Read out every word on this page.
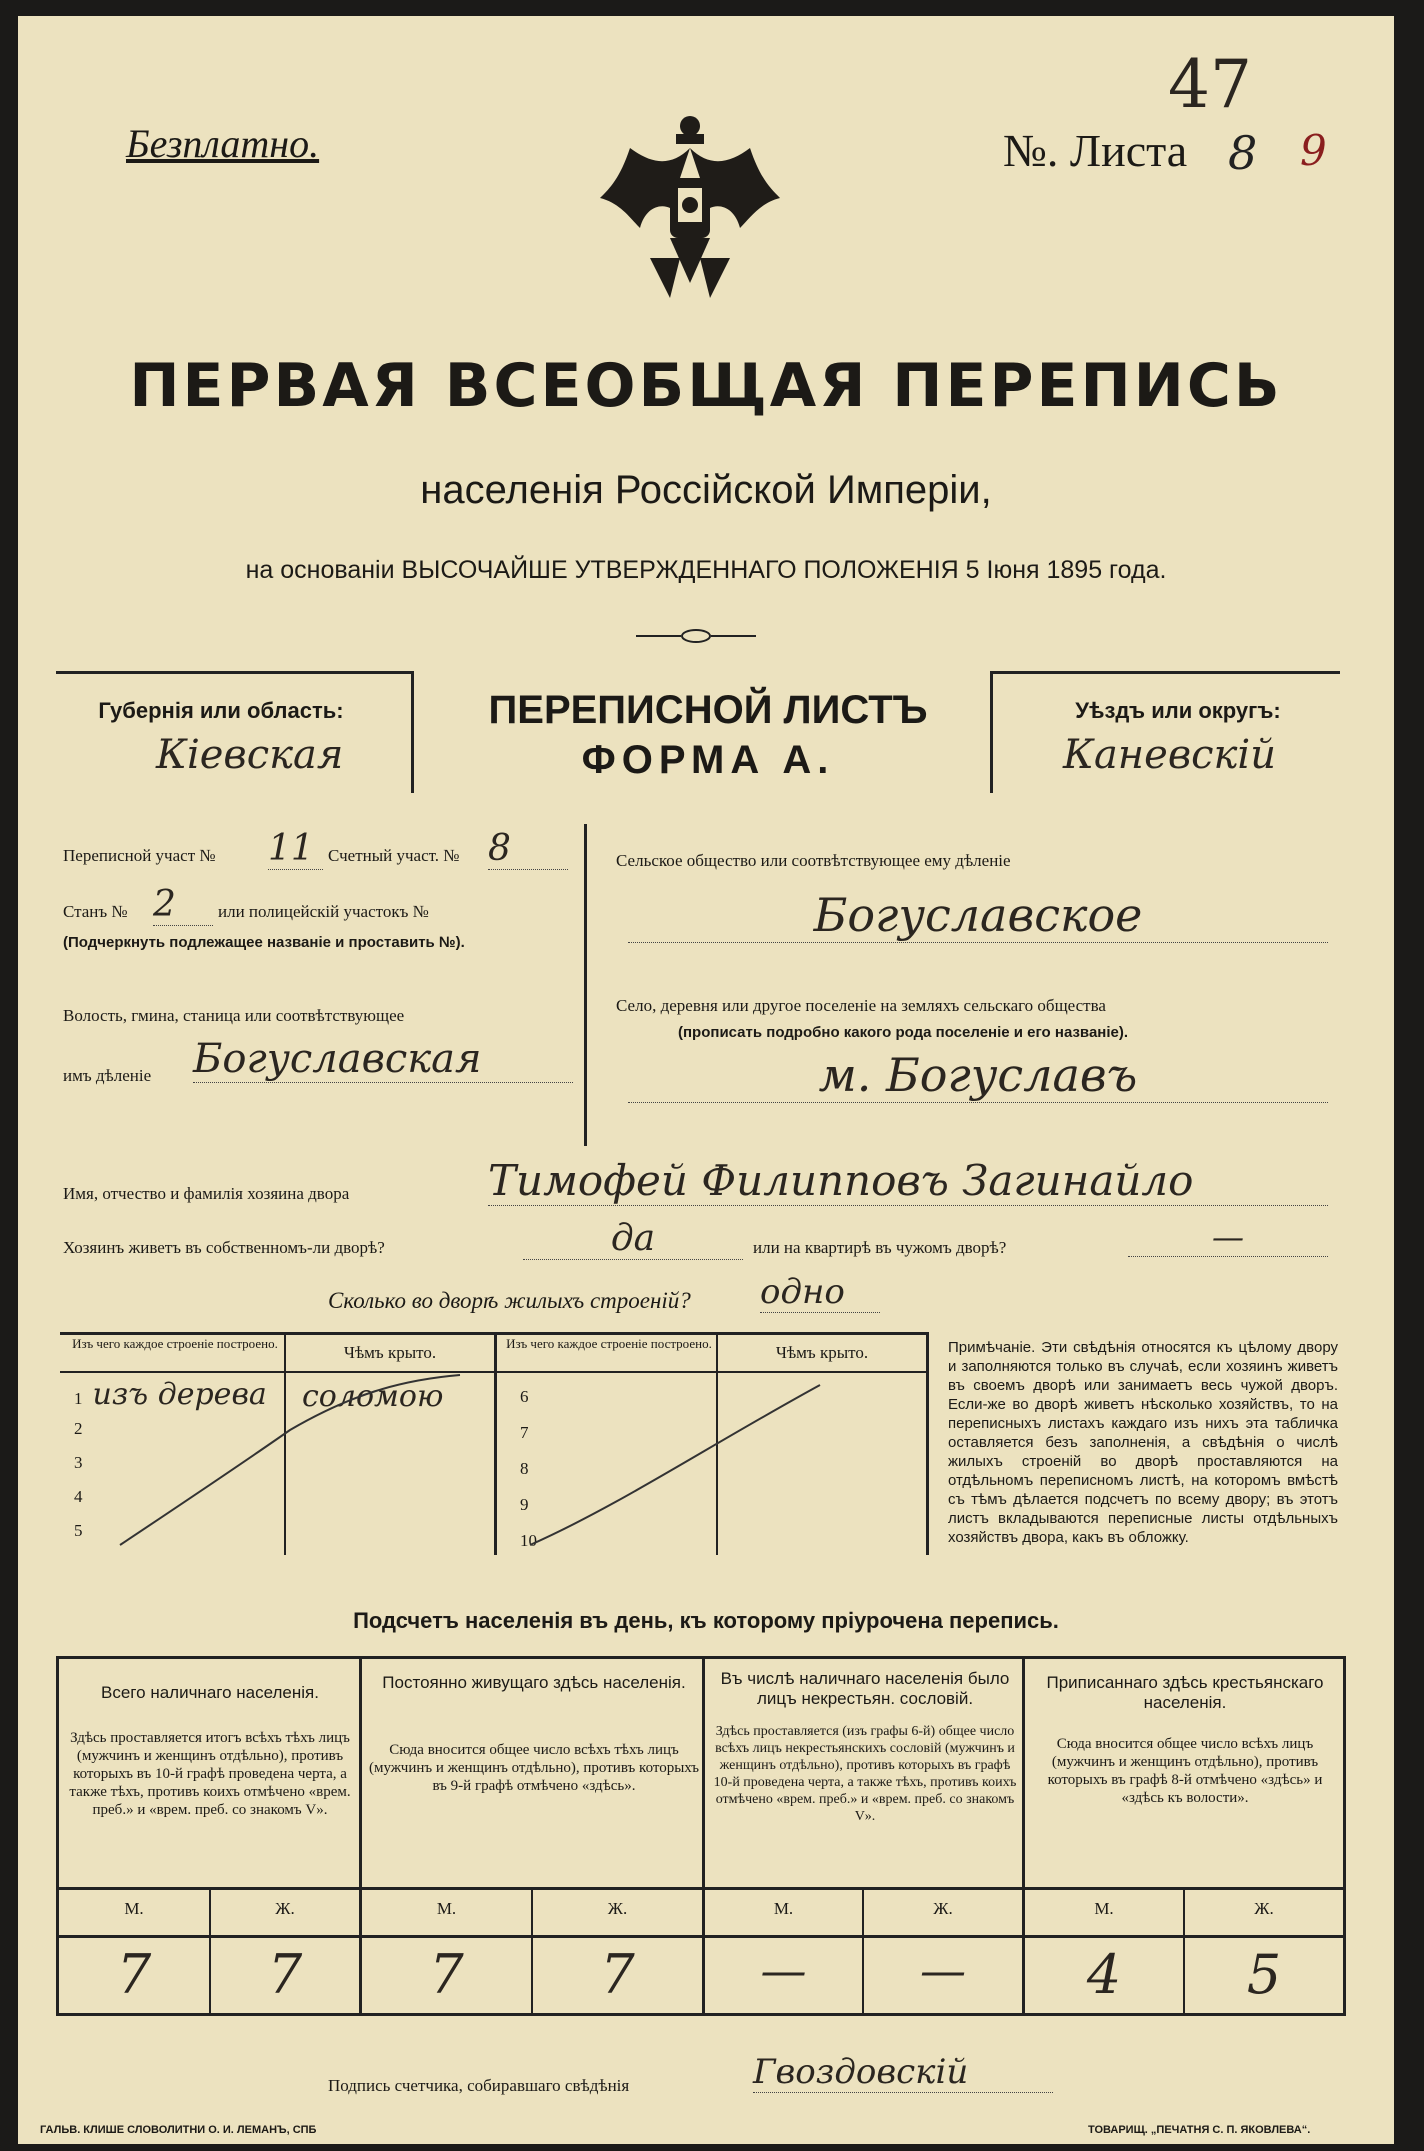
47
Безплатно.	№. Листа 8 9
ПЕРВАЯ ВСЕОБЩАЯ ПЕРЕПИСЬ
населенія Россійской Имперіи,
на основаніи ВЫСОЧАЙШЕ УТВЕРЖДЕННАГО ПОЛОЖЕНІЯ 5 Іюня 1895 года.
Губернія или область:
Кіевская
ПЕРЕПИСНОЙ ЛИСТЪ
ФОРМА А.
Уѣздъ или округъ:
Каневскій
Переписной участ № 11 Счетный участ. № 8
Станъ № 2	или полицейскій участокъ №
(Подчеркнуть подлежащее названіе и проставить №).
Волость, гмина, станица или соотвѣтствующее
имъ дѣленіе Богуславская
Сельское общество или соотвѣтствующее ему дѣленіе
Богуславское
Село, деревня или другое поселеніе на земляхъ сельскаго общества
(прописать подробно какого рода поселеніе и его названіе).
м. Богуславъ
Имя, отчество и фамилія хозяина двора	Тимофей Филипповъ Загинайло
Хозяинъ живетъ въ собственномъ-ли дворѣ?	да	или на квартирѣ въ чужомъ дворѣ?	—
Сколько во дворѣ жилыхъ строеній? одно
Изъ чего каждое строеніе построено.	Чѣмъ крыто.	Изъ чего каждое строеніе построено.	Чѣмъ крыто.
1 изъ дерева соломою
2
3
4
5
6
7
8
9
10
Примѣчаніе. Эти свѣдѣнія относятся къ цѣлому двору и заполняются только въ случаѣ, если хозяинъ живетъ въ своемъ дворѣ или занимаетъ весь чужой дворъ. Если-же во дворѣ живетъ нѣсколько хозяйствъ, то на переписныхъ листахъ каждаго изъ нихъ эта табличка оставляется безъ заполненія, а свѣдѣнія о числѣ жилыхъ строеній во дворѣ проставляются на отдѣльномъ переписномъ листѣ, на которомъ вмѣстѣ съ тѣмъ дѣлается подсчетъ по всему двору; въ этотъ листъ вкладываются переписные листы отдѣльныхъ хозяйствъ двора, какъ въ обложку.
Подсчетъ населенія въ день, къ которому пріурочена перепись.
Всего наличнаго населенія.
Здѣсь проставляется итогъ всѣхъ тѣхъ лицъ (мужчинъ и женщинъ отдѣльно), противъ которыхъ въ 10-й графѣ проведена черта, а также тѣхъ, противъ коихъ отмѣчено «врем. преб.» и «врем. преб. со знакомъ V».
Постоянно живущаго здѣсь населенія.
Сюда вносится общее число всѣхъ тѣхъ лицъ (мужчинъ и женщинъ отдѣльно), противъ которыхъ въ 9-й графѣ отмѣчено «здѣсь».
Въ числѣ наличнаго населенія было лицъ некрестьян. сословій.
Здѣсь проставляется (изъ графы 6-й) общее число всѣхъ лицъ некрестьянскихъ сословій (мужчинъ и женщинъ отдѣльно), противъ которыхъ въ графѣ 10-й проведена черта, а также тѣхъ, противъ коихъ отмѣчено «врем. преб.» и «врем. преб. со знакомъ V».
Приписаннаго здѣсь крестьянскаго населенія.
Сюда вносится общее число всѣхъ лицъ (мужчинъ и женщинъ отдѣльно), противъ которыхъ въ графѣ 8-й отмѣчено «здѣсь» и «здѣсь къ волости».
М.	Ж.	М.	Ж.	М.	Ж.	М.	Ж.
7	7	7	7	—	—	4	5
Подпись счетчика, собиравшаго свѣдѣнія	Гвоздовскій
ГАЛЬВ. КЛИШЕ СЛОВОЛИТНИ О. И. ЛЕМАНЪ, СПБ	ТОВАРИЩ. „ПЕЧАТНЯ С. П. ЯКОВЛЕВА“.
